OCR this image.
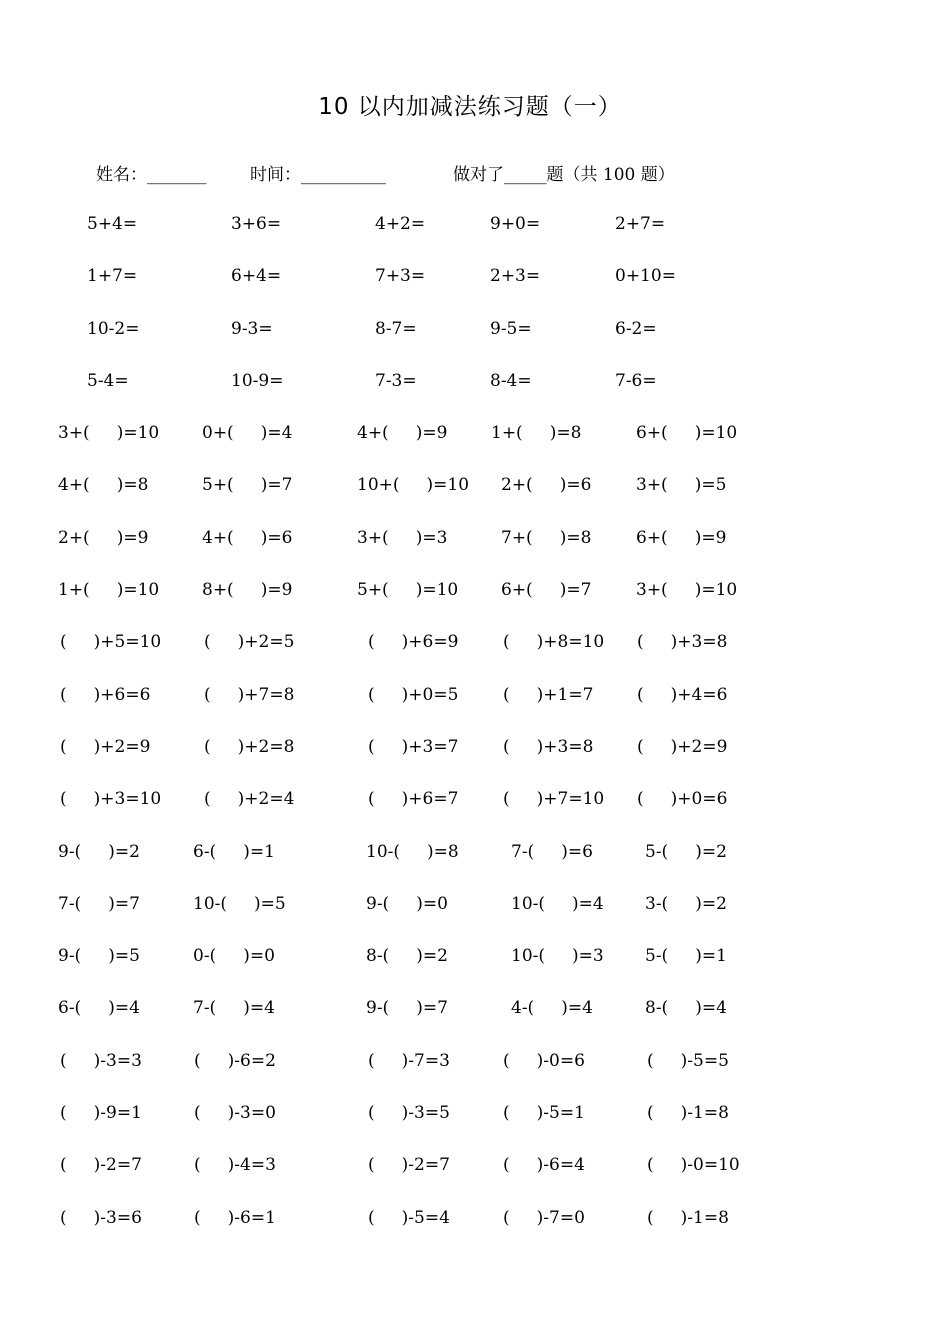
10 以内加减法练习题（一）
姓名：_______	时间：__________	做对了_____题（共 100 题）
5+4=	3+6=	4+2=	9+0=	2+7=
1+7=	6+4=	7+3=	2+3=	0+10=
10-2=	9-3=	8-7=	9-5=	6-2=
5-4=	10-9=	7-3=	8-4=	7-6=
3+(     )=10	0+(     )=4	4+(     )=9	1+(     )=8	6+(     )=10
4+(     )=8	5+(     )=7	10+(     )=10 2+(     )=6	3+(     )=5
2+(     )=9	4+(     )=6	3+(     )=3	7+(     )=8	6+(     )=9
1+(     )=10	8+(     )=9	5+(     )=10	6+(     )=7	3+(     )=10
(     )+5=10	(     )+2=5	(     )+6=9	(     )+8=10 (     )+3=8
(     )+6=6	(     )+7=8	(     )+0=5	(     )+1=7	(     )+4=6
(     )+2=9	(     )+2=8	(     )+3=7	(     )+3=8	(     )+2=9
(     )+3=10	(     )+2=4	(     )+6=7	(     )+7=10 (     )+0=6
9-(     )=2	6-(     )=1	10-(     )=8	7-(     )=6	5-(     )=2
7-(     )=7	10-(     )=5	9-(     )=0	10-(     )=4 3-(     )=2
9-(     )=5	0-(     )=0	8-(     )=2	10-(     )=3 5-(     )=1
6-(     )=4	7-(     )=4	9-(     )=7	4-(     )=4	8-(     )=4
(     )-3=3	(     )-6=2	(     )-7=3	(     )-0=6	(     )-5=5
(     )-9=1	(     )-3=0	(     )-3=5	(     )-5=1	(     )-1=8
(     )-2=7	(     )-4=3	(     )-2=7	(     )-6=4	(     )-0=10
(     )-3=6	(     )-6=1	(     )-5=4	(     )-7=0	(     )-1=8
